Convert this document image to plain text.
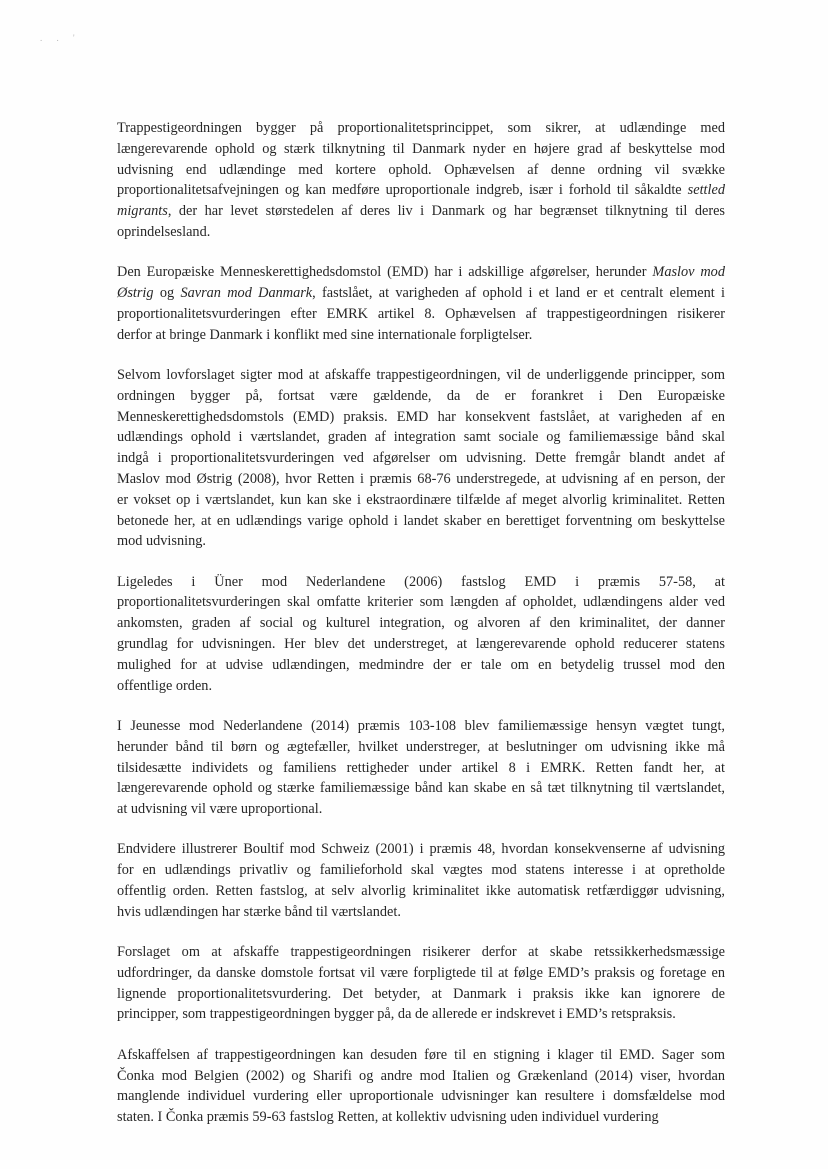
. . '

Trappestigeordningen bygger på proportionalitetsprincippet, som sikrer, at udlændinge med
længerevarende ophold og stærk tilknytning til Danmark nyder en højere grad af beskyttelse mod
udvisning end udlændinge med kortere ophold. Ophævelsen af denne ordning vil svække
proportionalitetsafvejningen og kan medføre uproportionale indgreb, især i forhold til såkaldte settled
migrants, der har levet størstedelen af deres liv i Danmark og har begrænset tilknytning til deres
oprindelsesland.

Den Europæiske Menneskerettighedsdomstol (EMD) har i adskillige afgørelser, herunder Maslov mod
Østrig og Savran mod Danmark, fastslået, at varigheden af ophold i et land er et centralt element i
proportionalitetsvurderingen efter EMRK artikel 8. Ophævelsen af trappestigeordningen risikerer
derfor at bringe Danmark i konflikt med sine internationale forpligtelser.

Selvom lovforslaget sigter mod at afskaffe trappestigeordningen, vil de underliggende principper, som
ordningen bygger på, fortsat være gældende, da de er forankret i Den Europæiske
Menneskerettighedsdomstols (EMD) praksis. EMD har konsekvent fastslået, at varigheden af en
udlændings ophold i værtslandet, graden af integration samt sociale og familiemæssige bånd skal
indgå i proportionalitetsvurderingen ved afgørelser om udvisning. Dette fremgår blandt andet af
Maslov mod Østrig (2008), hvor Retten i præmis 68-76 understregede, at udvisning af en person, der
er vokset op i værtslandet, kun kan ske i ekstraordinære tilfælde af meget alvorlig kriminalitet. Retten
betonede her, at en udlændings varige ophold i landet skaber en berettiget forventning om beskyttelse
mod udvisning.

Ligeledes i Üner mod Nederlandene (2006) fastslog EMD i præmis 57-58, at
proportionalitetsvurderingen skal omfatte kriterier som længden af opholdet, udlændingens alder ved
ankomsten, graden af social og kulturel integration, og alvoren af den kriminalitet, der danner
grundlag for udvisningen. Her blev det understreget, at længerevarende ophold reducerer statens
mulighed for at udvise udlændingen, medmindre der er tale om en betydelig trussel mod den
offentlige orden.

I Jeunesse mod Nederlandene (2014) præmis 103-108 blev familiemæssige hensyn vægtet tungt,
herunder bånd til børn og ægtefæller, hvilket understreger, at beslutninger om udvisning ikke må
tilsidesætte individets og familiens rettigheder under artikel 8 i EMRK. Retten fandt her, at
længerevarende ophold og stærke familiemæssige bånd kan skabe en så tæt tilknytning til værtslandet,
at udvisning vil være uproportional.

Endvidere illustrerer Boultif mod Schweiz (2001) i præmis 48, hvordan konsekvenserne af udvisning
for en udlændings privatliv og familieforhold skal vægtes mod statens interesse i at opretholde
offentlig orden. Retten fastslog, at selv alvorlig kriminalitet ikke automatisk retfærdiggør udvisning,
hvis udlændingen har stærke bånd til værtslandet.

Forslaget om at afskaffe trappestigeordningen risikerer derfor at skabe retssikkerhedsmæssige
udfordringer, da danske domstole fortsat vil være forpligtede til at følge EMD’s praksis og foretage en
lignende proportionalitetsvurdering. Det betyder, at Danmark i praksis ikke kan ignorere de
principper, som trappestigeordningen bygger på, da de allerede er indskrevet i EMD’s retspraksis.

Afskaffelsen af trappestigeordningen kan desuden føre til en stigning i klager til EMD. Sager som
Čonka mod Belgien (2002) og Sharifi og andre mod Italien og Grækenland (2014) viser, hvordan
manglende individuel vurdering eller uproportionale udvisninger kan resultere i domsfældelse mod
staten. I Čonka præmis 59-63 fastslog Retten, at kollektiv udvisning uden individuel vurdering
